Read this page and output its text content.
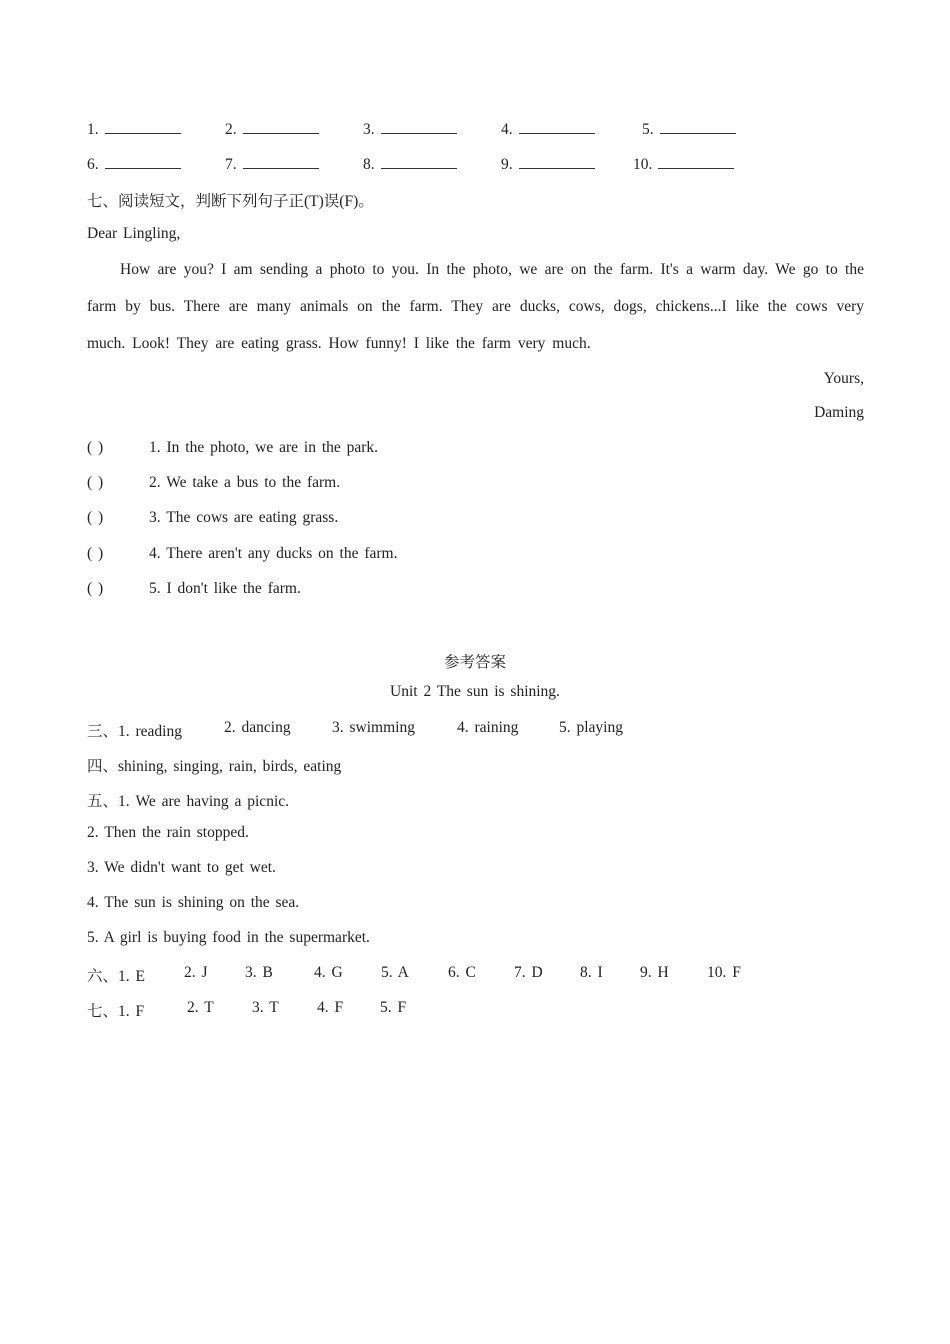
1.	2.	3.	4.	5.
6.	7.	8.	9.	10.
七、阅读短文，判断下列句子正(T)误(F)。
Dear Lingling,
How are you? I am sending a photo to you. In the photo, we are on the farm. It's a warm day. We go to the farm by bus. There are many animals on the farm. They are ducks, cows, dogs, chickens...I like the cows very much. Look! They are eating grass. How funny! I like the farm very much.
Yours,
Daming
( )	1. In the photo, we are in the park.
( )	2. We take a bus to the farm.
( )	3. The cows are eating grass.
( )	4. There aren't any ducks on the farm.
( )	5. I don't like the farm.
参考答案
Unit 2 The sun is shining.
三、1. reading	2. dancing	3. swimming	4. raining	5. playing
四、shining, singing, rain, birds, eating
五、1. We are having a picnic.
2. Then the rain stopped.
3. We didn't want to get wet.
4. The sun is shining on the sea.
5. A girl is buying food in the supermarket.
六、1. E	2. J 3. B	4. G 5. A	6. C 7. D 8. I 9. H 10. F
七、1. F	2. T 3. T 4. F 5. F
